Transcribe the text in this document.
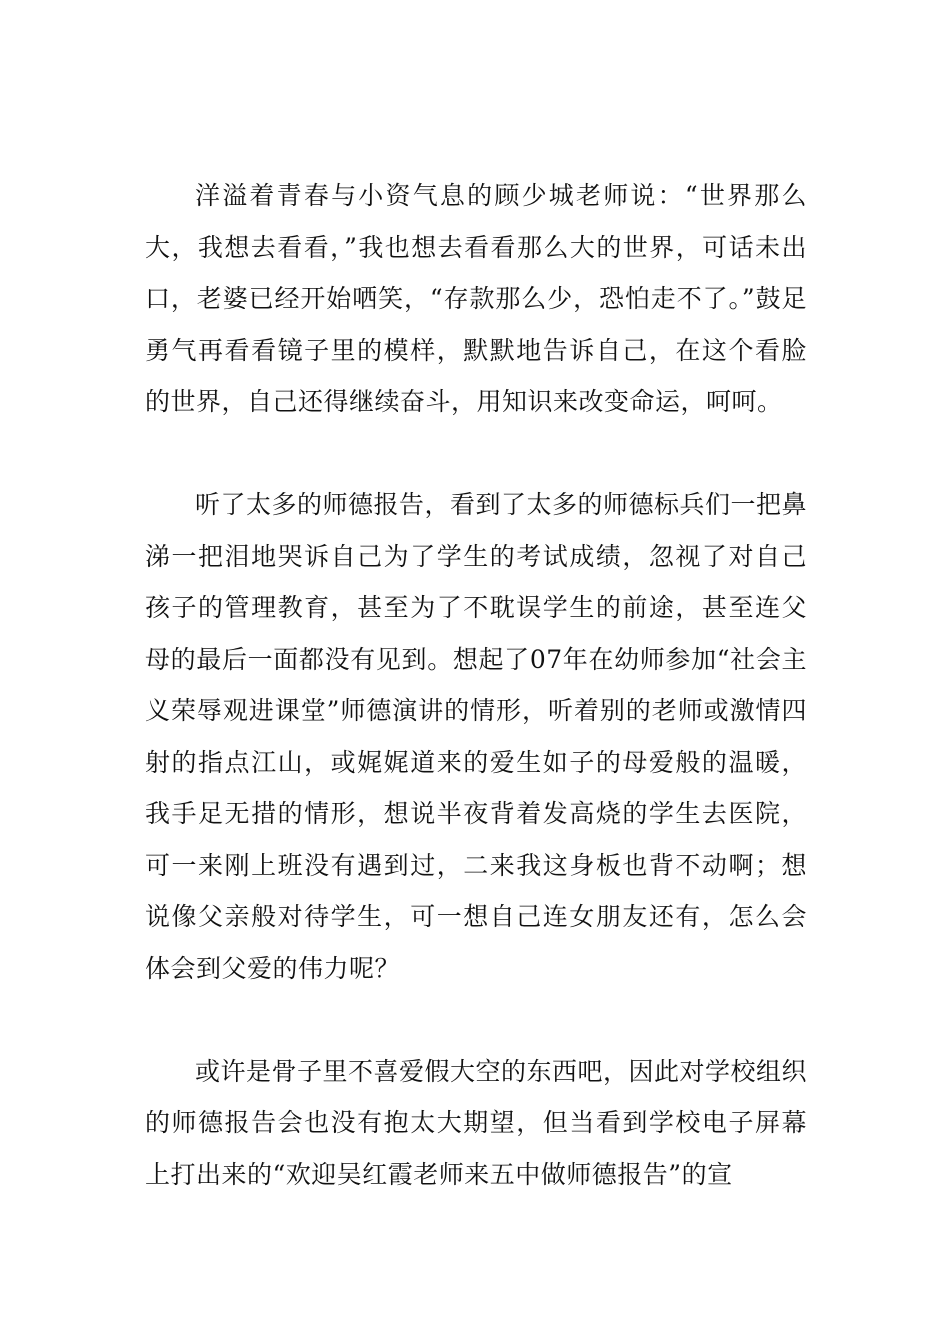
洋溢着青春与小资气息的顾少城老师说：“世界那么大，我想去看看，”我也想去看看那么大的世界，可话未出口，老婆已经开始哂笑，“存款那么少，恐怕走不了。”鼓足勇气再看看镜子里的模样，默默地告诉自己，在这个看脸的世界，自己还得继续奋斗，用知识来改变命运，呵呵。

听了太多的师德报告，看到了太多的师德标兵们一把鼻涕一把泪地哭诉自己为了学生的考试成绩，忽视了对自己孩子的管理教育，甚至为了不耽误学生的前途，甚至连父母的最后一面都没有见到。想起了07年在幼师参加“社会主义荣辱观进课堂”师德演讲的情形，听着别的老师或激情四射的指点江山，或娓娓道来的爱生如子的母爱般的温暖，我手足无措的情形，想说半夜背着发高烧的学生去医院，可一来刚上班没有遇到过，二来我这身板也背不动啊；想说像父亲般对待学生，可一想自己连女朋友还有，怎么会体会到父爱的伟力呢？

或许是骨子里不喜爱假大空的东西吧，因此对学校组织的师德报告会也没有抱太大期望，但当看到学校电子屏幕上打出来的“欢迎吴红霞老师来五中做师德报告”的宣
